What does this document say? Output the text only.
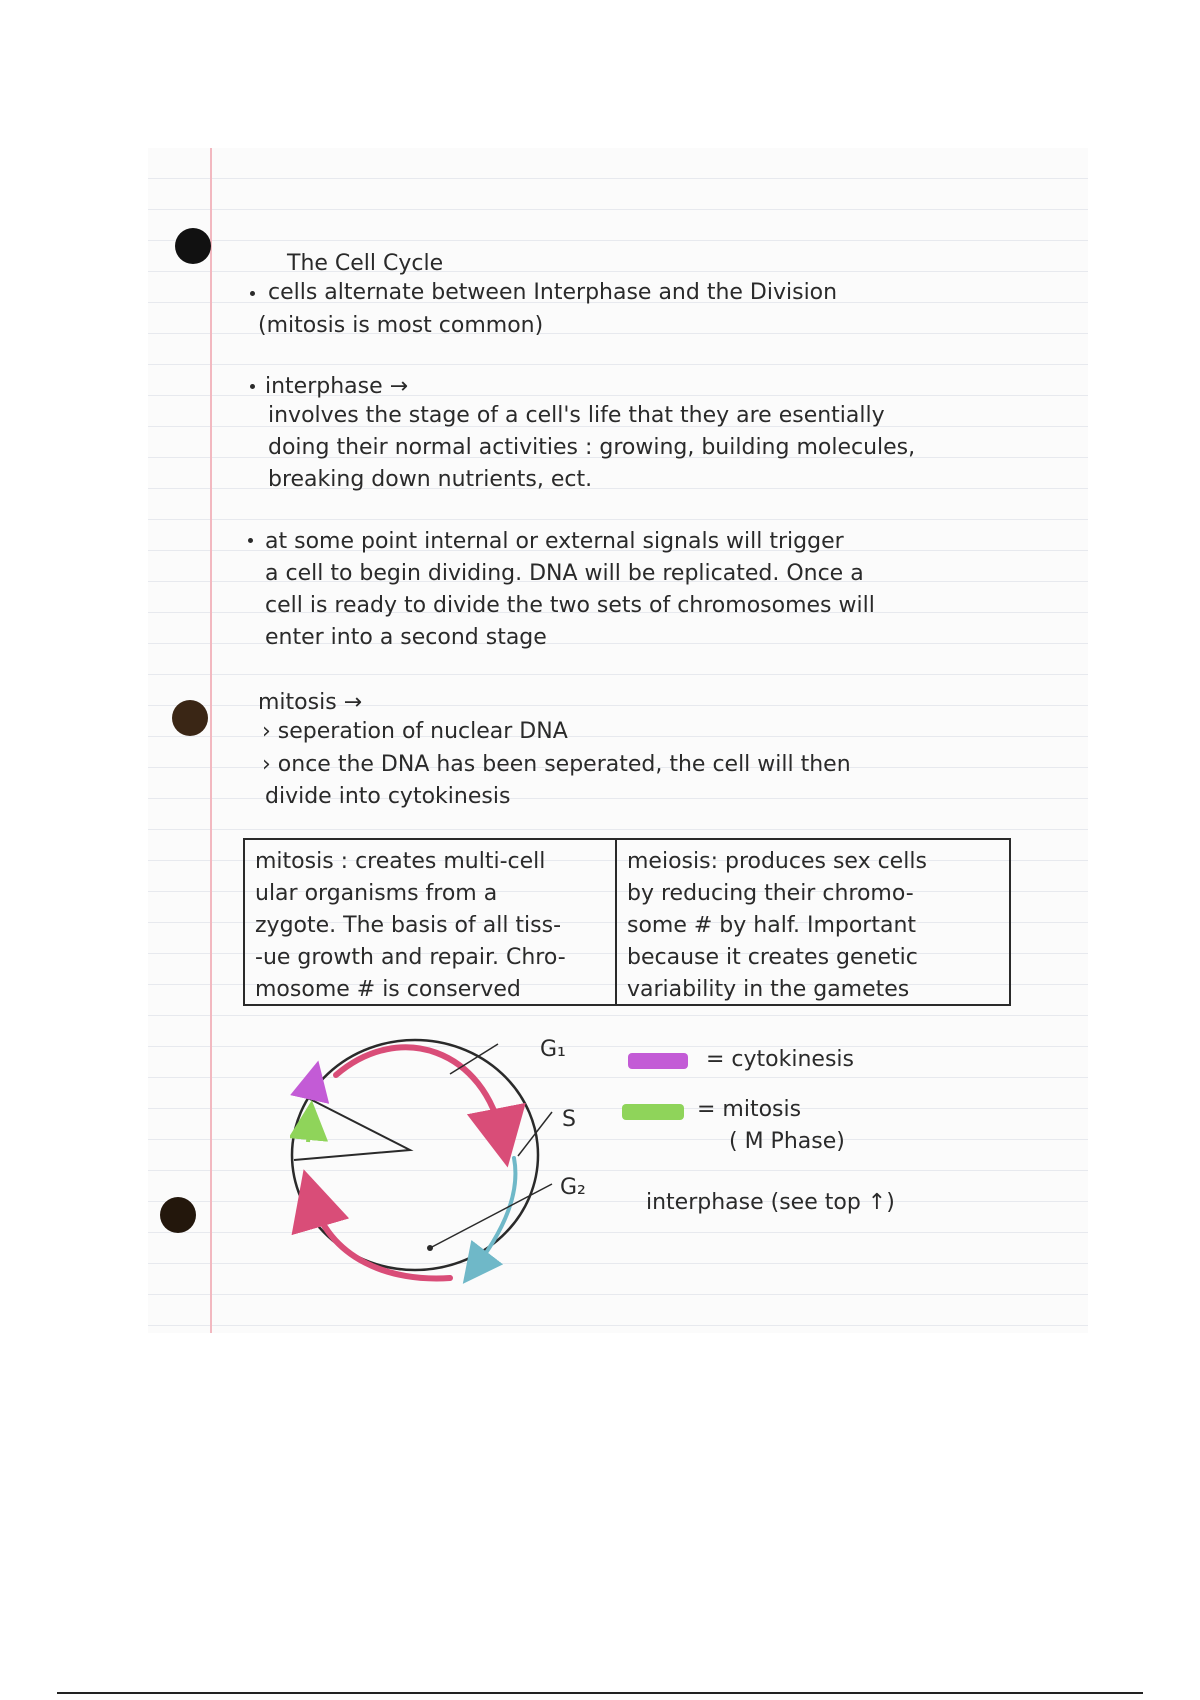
The Cell Cycle
cells alternate between Interphase and the Division
(mitosis is most common)
interphase →
involves the stage of a cell's life that they are esentially
doing their normal activities : growing, building molecules,
breaking down nutrients, ect.
at some point internal or external signals will trigger
a cell to begin dividing. DNA will be replicated. Once a
cell is ready to divide the two sets of chromosomes will
enter into a second stage
mitosis →
› seperation of nuclear DNA
› once the DNA has been seperated, the cell will then
divide into cytokinesis
mitosis : creates multi-cell
ular organisms from a
zygote. The basis of all tiss-
-ue growth and repair. Chro-
mosome # is conserved
meiosis: produces sex cells
by reducing their chromo-
some # by half. Important
because it creates genetic
variability in the gametes
G₁
S
G₂
= cytokinesis
= mitosis
( M Phase)
interphase (see top ↑)
